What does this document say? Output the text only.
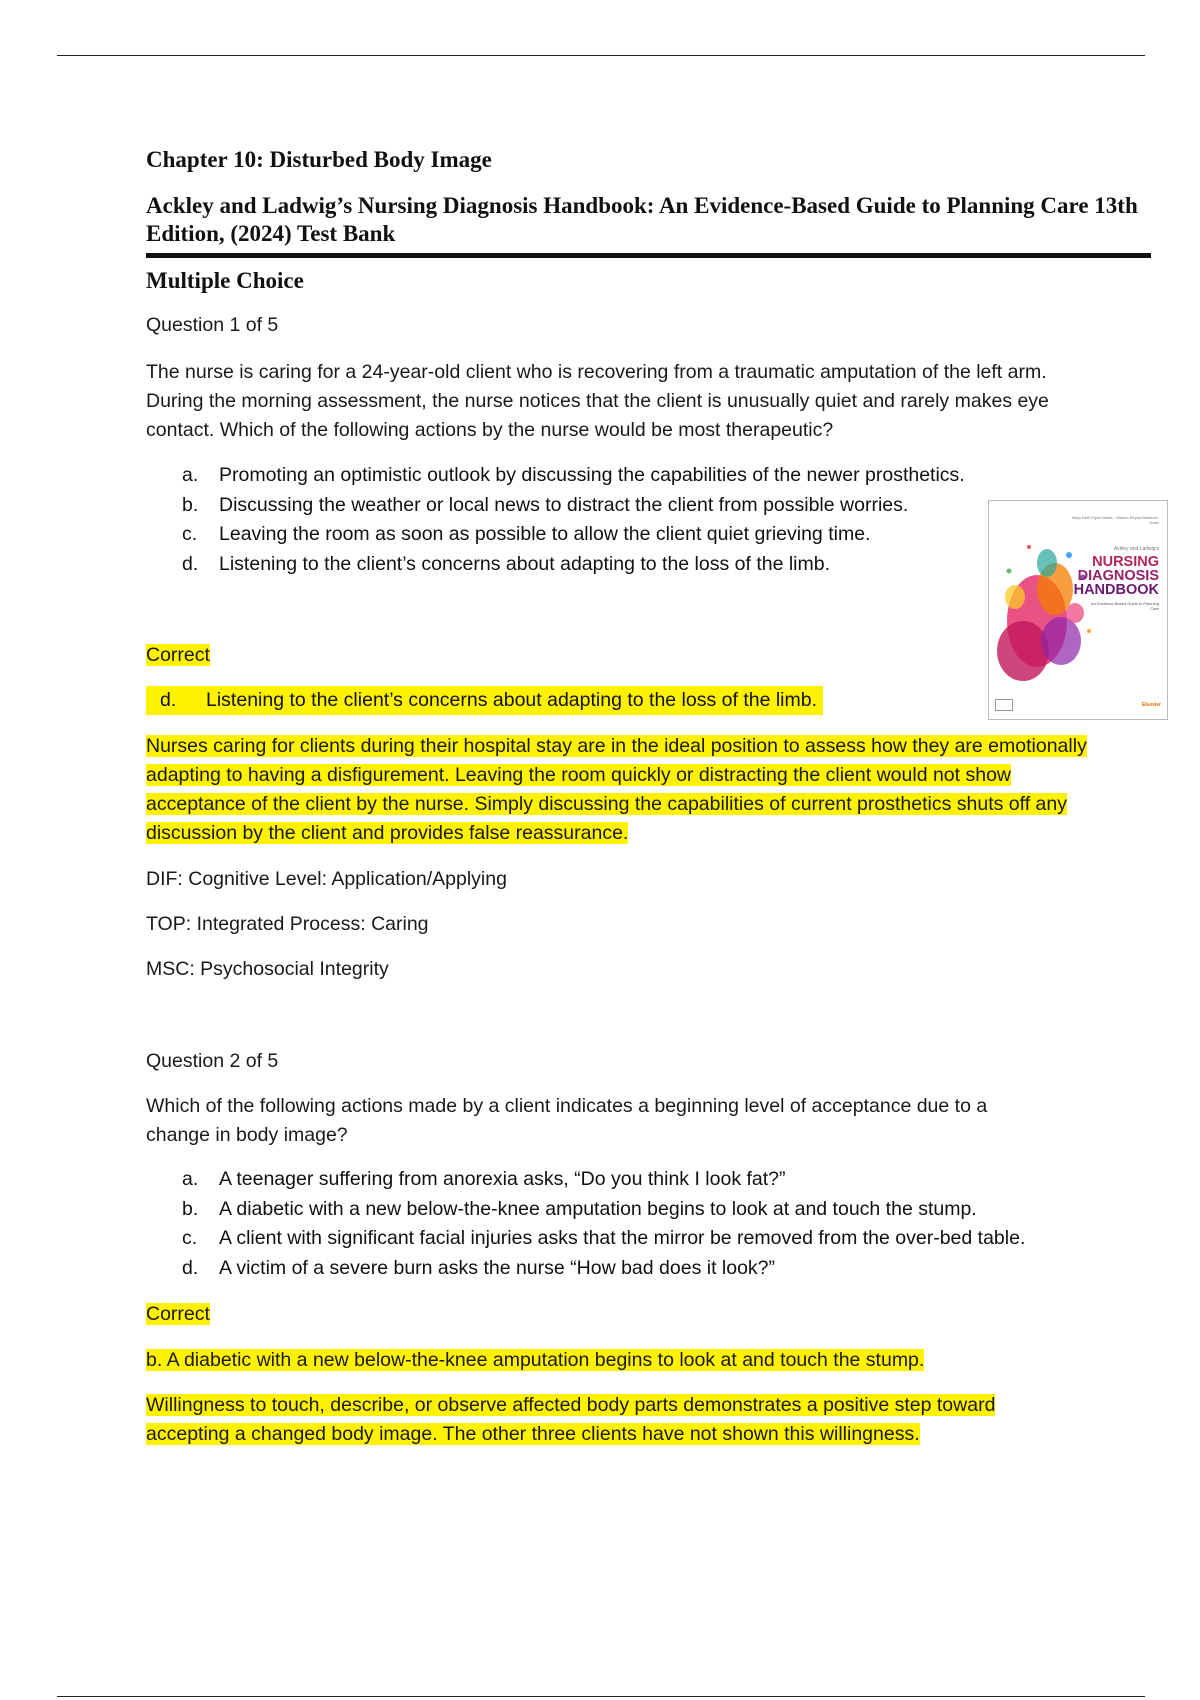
Chapter 10: Disturbed Body Image
Ackley and Ladwig’s Nursing Diagnosis Handbook: An Evidence-Based Guide to Planning Care 13th Edition, (2024) Test Bank
Multiple Choice
Question 1 of 5
The nurse is caring for a 24-year-old client who is recovering from a traumatic amputation of the left arm. During the morning assessment, the nurse notices that the client is unusually quiet and rarely makes eye contact. Which of the following actions by the nurse would be most therapeutic?
a.	Promoting an optimistic outlook by discussing the capabilities of the newer prosthetics.
b.	Discussing the weather or local news to distract the client from possible worries.
c.	Leaving the room as soon as possible to allow the client quiet grieving time.
d.	Listening to the client’s concerns about adapting to the loss of the limb.
Correct
d. Listening to the client’s concerns about adapting to the loss of the limb.
Nurses caring for clients during their hospital stay are in the ideal position to assess how they are emotionally adapting to having a disfigurement. Leaving the room quickly or distracting the client would not show acceptance of the client by the nurse. Simply discussing the capabilities of current prosthetics shuts off any discussion by the client and provides false reassurance.
DIF: Cognitive Level: Application/Applying
TOP: Integrated Process: Caring
MSC: Psychosocial Integrity
Question 2 of 5
Which of the following actions made by a client indicates a beginning level of acceptance due to a change in body image?
a.	A teenager suffering from anorexia asks, “Do you think I look fat?”
b.	A diabetic with a new below-the-knee amputation begins to look at and touch the stump.
c.	A client with significant facial injuries asks that the mirror be removed from the over-bed table.
d.	A victim of a severe burn asks the nurse “How bad does it look?”
Correct
b. A diabetic with a new below-the-knee amputation begins to look at and touch the stump.
Willingness to touch, describe, or observe affected body parts demonstrates a positive step toward accepting a changed body image. The other three clients have not shown this willingness.
Mary Beth Flynn Makic · Marina Reyna Martinez-Kratz
Ackley and Ladwig's
NURSING
DIAGNOSIS
HANDBOOK
An Evidence-Based Guide to Planning Care
Elsevier
